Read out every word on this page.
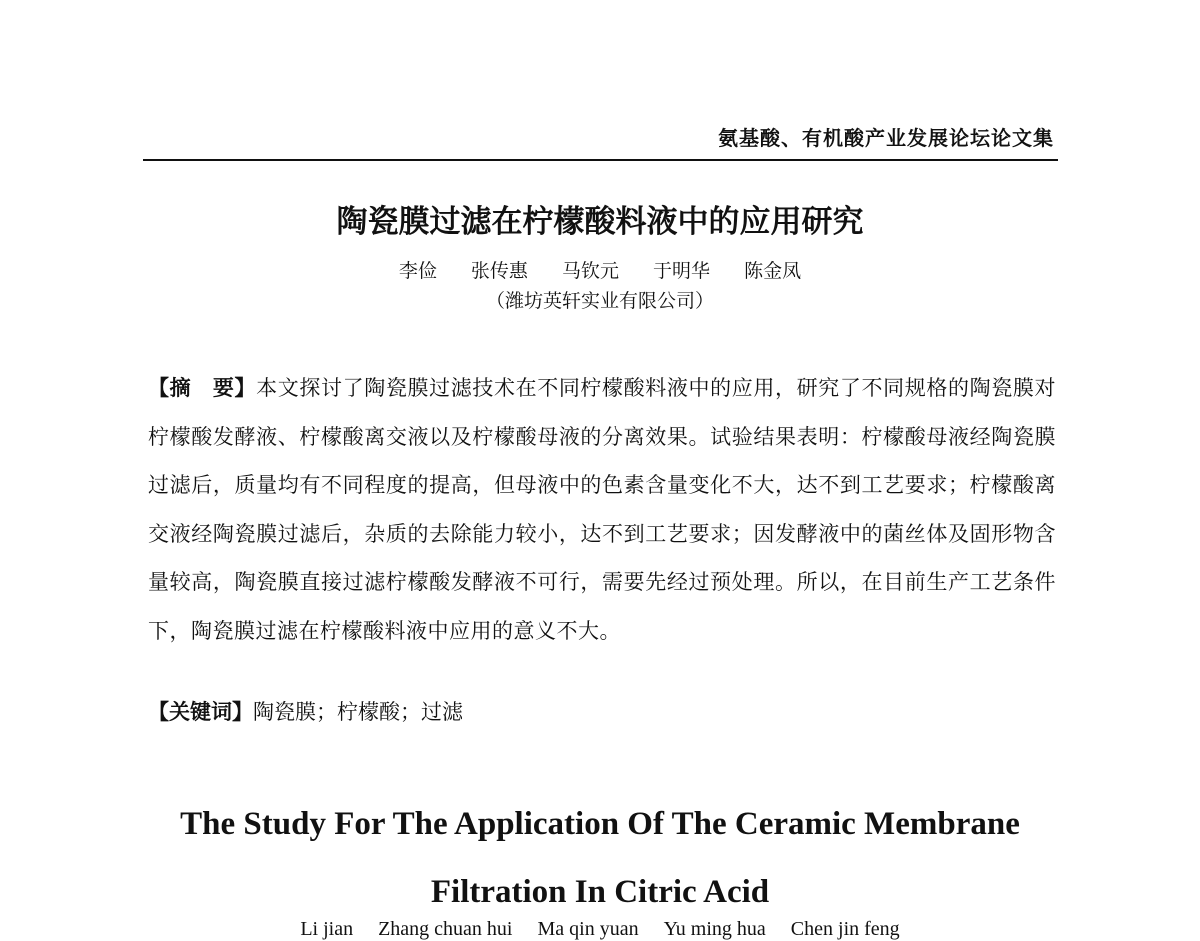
氨基酸、有机酸产业发展论坛论文集
陶瓷膜过滤在柠檬酸料液中的应用研究
李俭 张传惠 马钦元 于明华 陈金凤
（潍坊英轩实业有限公司）
【摘　要】本文探讨了陶瓷膜过滤技术在不同柠檬酸料液中的应用，研究了不同规格的陶瓷膜对柠檬酸发酵液、柠檬酸离交液以及柠檬酸母液的分离效果。试验结果表明：柠檬酸母液经陶瓷膜过滤后，质量均有不同程度的提高，但母液中的色素含量变化不大，达不到工艺要求；柠檬酸离交液经陶瓷膜过滤后，杂质的去除能力较小，达不到工艺要求；因发酵液中的菌丝体及固形物含量较高，陶瓷膜直接过滤柠檬酸发酵液不可行，需要先经过预处理。所以，在目前生产工艺条件下，陶瓷膜过滤在柠檬酸料液中应用的意义不大。
【关键词】陶瓷膜；柠檬酸；过滤
The Study For The Application Of The Ceramic Membrane
Filtration In Citric Acid
Li jian Zhang chuan hui Ma qin yuan Yu ming hua Chen jin feng
